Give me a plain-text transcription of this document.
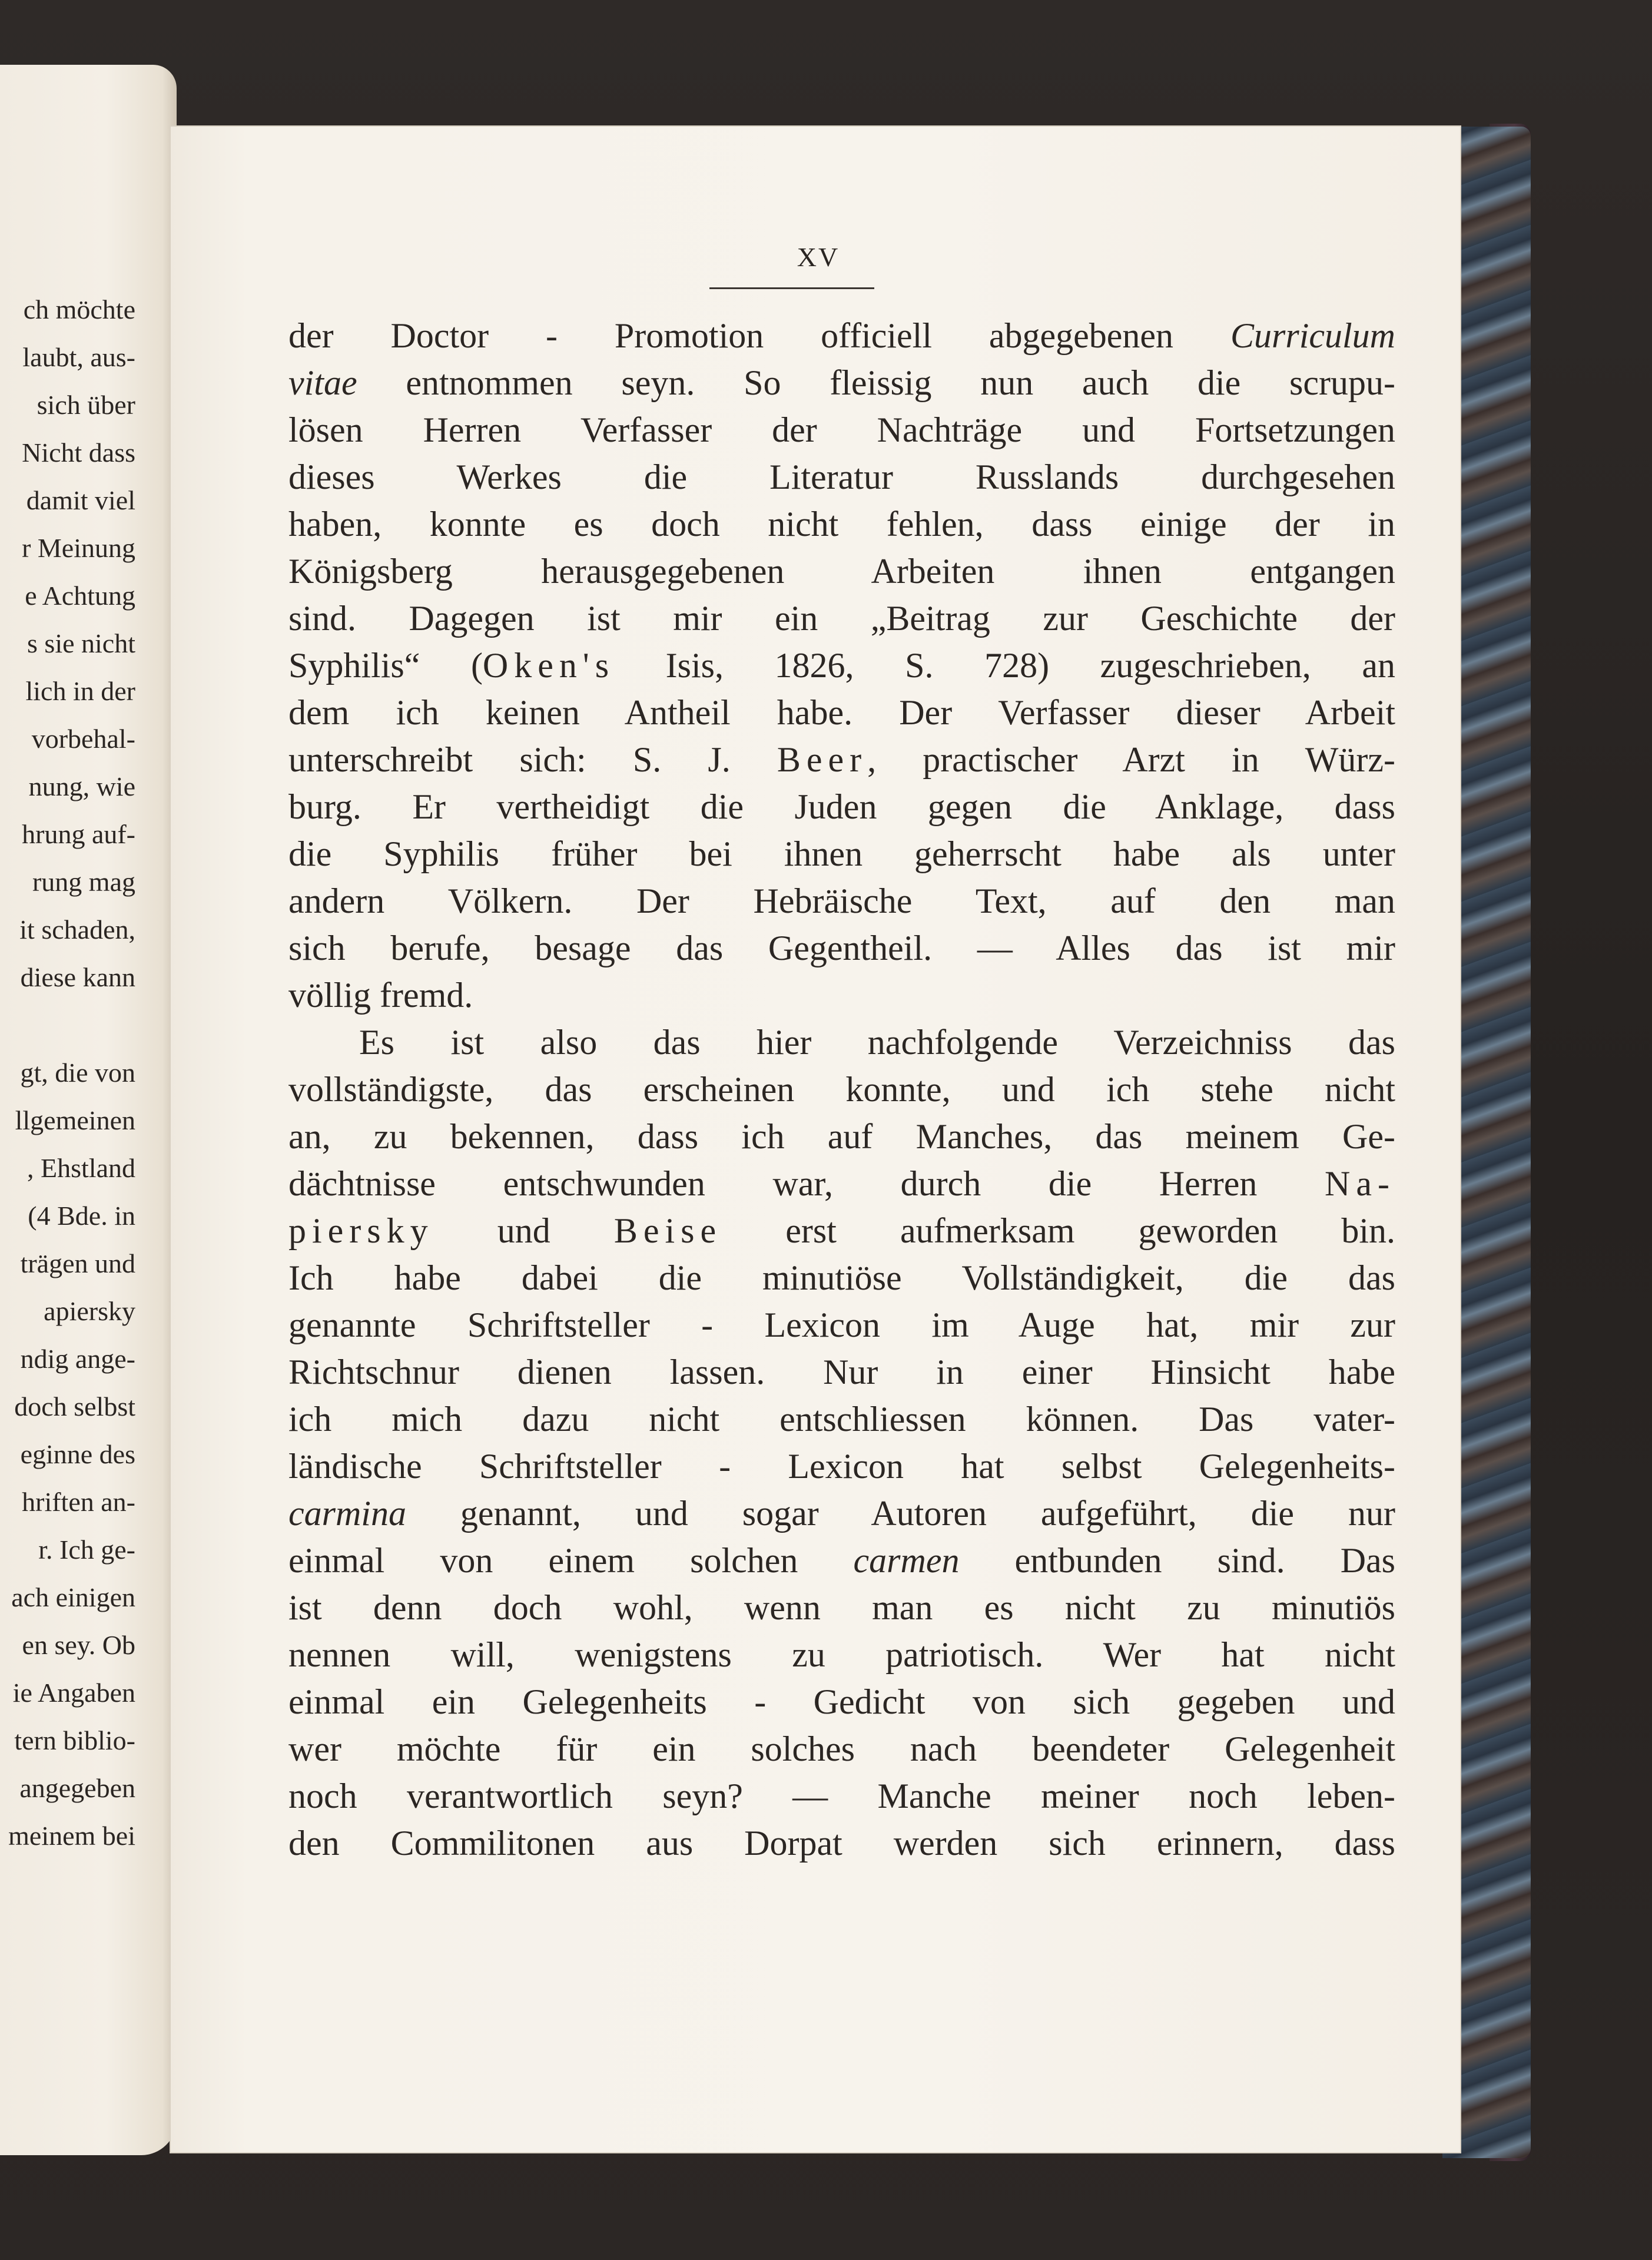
ch möchte
laubt, aus-
sich über
Nicht dass
damit viel
r Meinung
e Achtung
s sie nicht
lich in der
vorbehal-
nung, wie
hrung auf-
rung mag
it schaden,
diese kann
gt, die von
llgemeinen
, Ehstland
(4 Bde. in
trägen und
apiersky
ndig ange-
doch selbst
eginne des
hriften an-
r. Ich ge-
ach einigen
en sey. Ob
ie Angaben
tern biblio-
angegeben
meinem bei
XV
der Doctor - Promotion officiell abgegebenen Curriculum
vitae entnommen seyn. So fleissig nun auch die scrupu-
lösen Herren Verfasser der Nachträge und Fortsetzungen
dieses Werkes die Literatur Russlands durchgesehen
haben, konnte es doch nicht fehlen, dass einige der in
Königsberg herausgegebenen Arbeiten ihnen entgangen
sind. Dagegen ist mir ein „Beitrag zur Geschichte der
Syphilis“ (Oken's Isis, 1826, S. 728) zugeschrieben, an
dem ich keinen Antheil habe. Der Verfasser dieser Arbeit
unterschreibt sich: S. J. Beer, practischer Arzt in Würz-
burg. Er vertheidigt die Juden gegen die Anklage, dass
die Syphilis früher bei ihnen geherrscht habe als unter
andern Völkern. Der Hebräische Text, auf den man
sich berufe, besage das Gegentheil. — Alles das ist mir
völlig fremd.
Es ist also das hier nachfolgende Verzeichniss das
vollständigste, das erscheinen konnte, und ich stehe nicht
an, zu bekennen, dass ich auf Manches, das meinem Ge-
dächtnisse entschwunden war, durch die Herren Na-
piersky und Beise erst aufmerksam geworden bin.
Ich habe dabei die minutiöse Vollständigkeit, die das
genannte Schriftsteller - Lexicon im Auge hat, mir zur
Richtschnur dienen lassen. Nur in einer Hinsicht habe
ich mich dazu nicht entschliessen können. Das vater-
ländische Schriftsteller - Lexicon hat selbst Gelegenheits-
carmina genannt, und sogar Autoren aufgeführt, die nur
einmal von einem solchen carmen entbunden sind. Das
ist denn doch wohl, wenn man es nicht zu minutiös
nennen will, wenigstens zu patriotisch. Wer hat nicht
einmal ein Gelegenheits - Gedicht von sich gegeben und
wer möchte für ein solches nach beendeter Gelegenheit
noch verantwortlich seyn? — Manche meiner noch leben-
den Commilitonen aus Dorpat werden sich erinnern, dass
